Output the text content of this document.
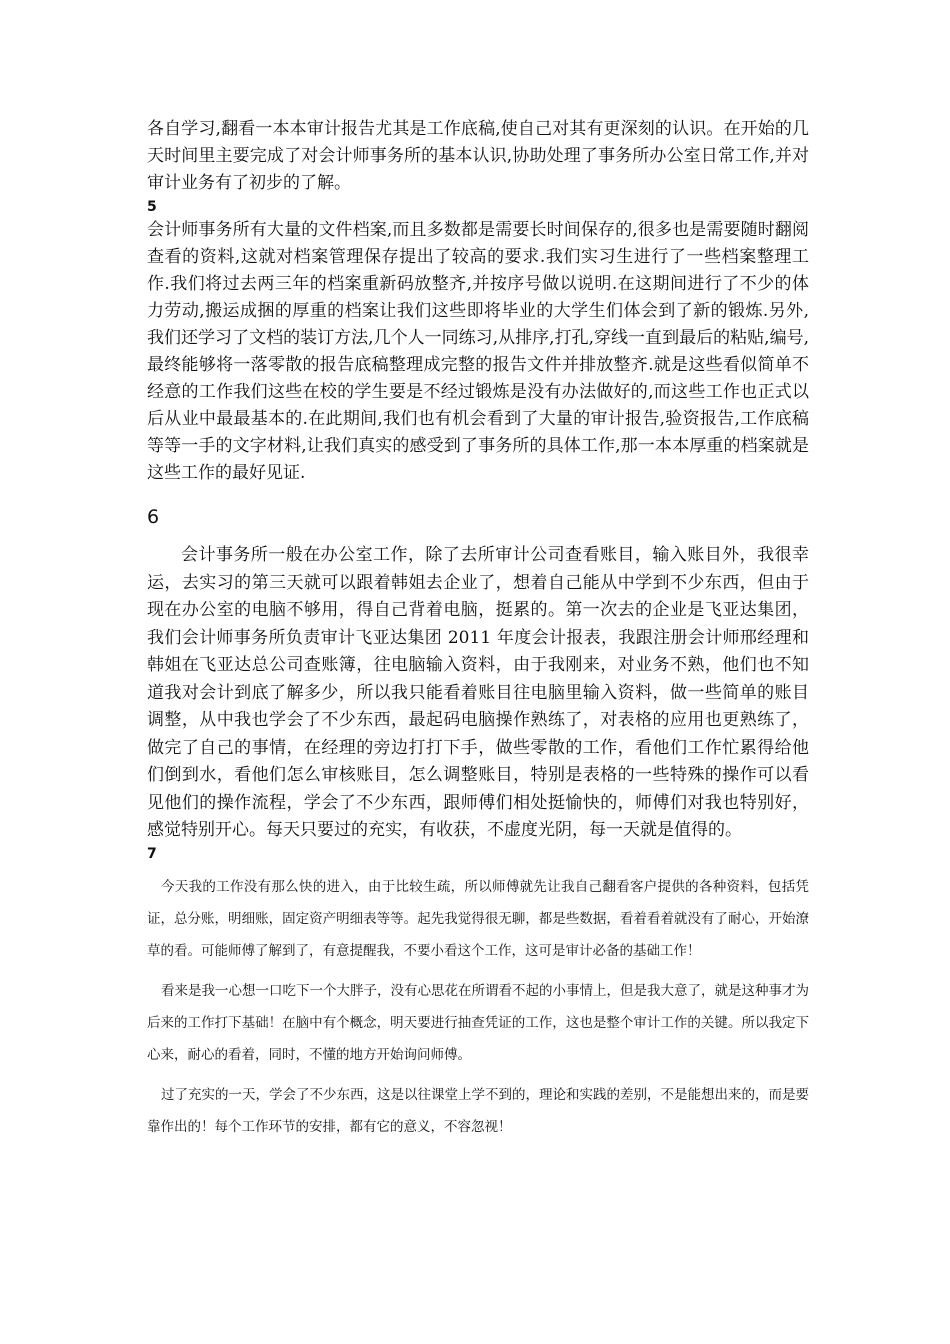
各自学习,翻看一本本审计报告尤其是工作底稿,使自己对其有更深刻的认识。在开始的几天时间里主要完成了对会计师事务所的基本认识,协助处理了事务所办公室日常工作,并对审计业务有了初步的了解。

5

会计师事务所有大量的文件档案,而且多数都是需要长时间保存的,很多也是需要随时翻阅查看的资料,这就对档案管理保存提出了较高的要求.我们实习生进行了一些档案整理工作.我们将过去两三年的档案重新码放整齐,并按序号做以说明.在这期间进行了不少的体力劳动,搬运成捆的厚重的档案让我们这些即将毕业的大学生们体会到了新的锻炼.另外,我们还学习了文档的装订方法,几个人一同练习,从排序,打孔,穿线一直到最后的粘贴,编号,最终能够将一落零散的报告底稿整理成完整的报告文件并排放整齐.就是这些看似简单不经意的工作我们这些在校的学生要是不经过锻炼是没有办法做好的,而这些工作也正式以后从业中最最基本的.在此期间,我们也有机会看到了大量的审计报告,验资报告,工作底稿等等一手的文字材料,让我们真实的感受到了事务所的具体工作,那一本本厚重的档案就是这些工作的最好见证.

6

会计事务所一般在办公室工作，除了去所审计公司查看账目，输入账目外，我很幸运，去实习的第三天就可以跟着韩姐去企业了，想着自己能从中学到不少东西，但由于现在办公室的电脑不够用，得自己背着电脑，挺累的。第一次去的企业是飞亚达集团，我们会计师事务所负责审计飞亚达集团 2011 年度会计报表，我跟注册会计师邢经理和韩姐在飞亚达总公司查账簿，往电脑输入资料，由于我刚来，对业务不熟，他们也不知道我对会计到底了解多少，所以我只能看着账目往电脑里输入资料，做一些简单的账目调整，从中我也学会了不少东西，最起码电脑操作熟练了，对表格的应用也更熟练了，做完了自己的事情，在经理的旁边打打下手，做些零散的工作，看他们工作忙累得给他们倒到水，看他们怎么审核账目，怎么调整账目，特别是表格的一些特殊的操作可以看见他们的操作流程，学会了不少东西，跟师傅们相处挺愉快的，师傅们对我也特别好，感觉特别开心。每天只要过的充实，有收获，不虚度光阴，每一天就是值得的。

7

今天我的工作没有那么快的进入，由于比较生疏，所以师傅就先让我自己翻看客户提供的各种资料，包括凭证，总分账，明细账，固定资产明细表等等。起先我觉得很无聊，都是些数据，看着看着就没有了耐心，开始潦草的看。可能师傅了解到了，有意提醒我，不要小看这个工作，这可是审计必备的基础工作！

看来是我一心想一口吃下一个大胖子，没有心思花在所谓看不起的小事情上，但是我大意了，就是这种事才为后来的工作打下基础！在脑中有个概念，明天要进行抽查凭证的工作，这也是整个审计工作的关键。所以我定下心来，耐心的看着，同时，不懂的地方开始询问师傅。

过了充实的一天，学会了不少东西，这是以往课堂上学不到的，理论和实践的差别，不是能想出来的，而是要靠作出的！每个工作环节的安排，都有它的意义，不容忽视！
